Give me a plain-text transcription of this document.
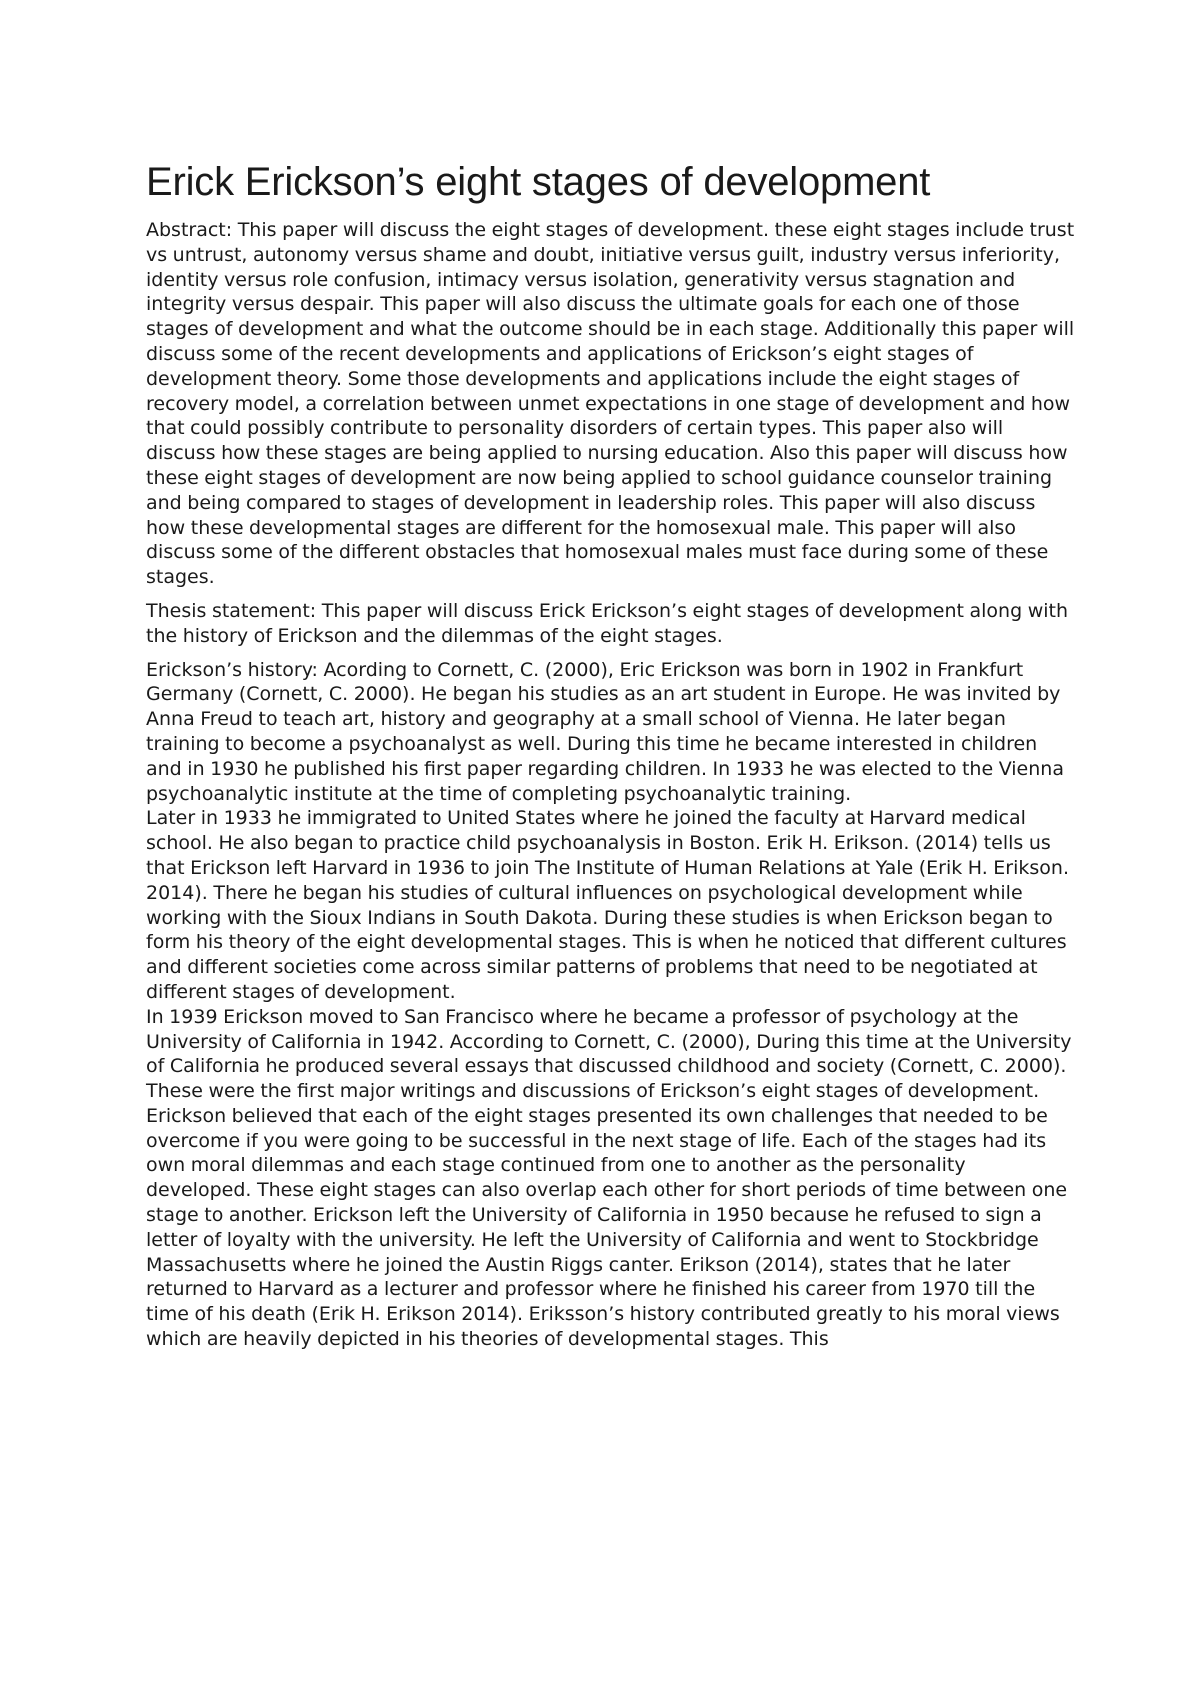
Erick Erickson’s eight stages of development

Abstract: This paper will discuss the eight stages of development. these eight stages include trust vs untrust, autonomy versus shame and doubt, initiative versus guilt, industry versus inferiority, identity versus role confusion, intimacy versus isolation, generativity versus stagnation and integrity versus despair. This paper will also discuss the ultimate goals for each one of those stages of development and what the outcome should be in each stage. Additionally this paper will discuss some of the recent developments and applications of Erickson’s eight stages of development theory. Some those developments and applications include the eight stages of recovery model, a correlation between unmet expectations in one stage of development and how that could possibly contribute to personality disorders of certain types. This paper also will discuss how these stages are being applied to nursing education. Also this paper will discuss how these eight stages of development are now being applied to school guidance counselor training and being compared to stages of development in leadership roles. This paper will also discuss how these developmental stages are different for the homosexual male. This paper will also discuss some of the different obstacles that homosexual males must face during some of these stages.

Thesis statement: This paper will discuss Erick Erickson’s eight stages of development along with the history of Erickson and the dilemmas of the eight stages.

Erickson’s history: Acording to Cornett, C. (2000), Eric Erickson was born in 1902 in Frankfurt Germany (Cornett, C. 2000). He began his studies as an art student in Europe. He was invited by Anna Freud to teach art, history and geography at a small school of Vienna. He later began training to become a psychoanalyst as well. During this time he became interested in children and in 1930 he published his first paper regarding children. In 1933 he was elected to the Vienna psychoanalytic institute at the time of completing psychoanalytic training.

Later in 1933 he immigrated to United States where he joined the faculty at Harvard medical school. He also began to practice child psychoanalysis in Boston. Erik H. Erikson. (2014) tells us that Erickson left Harvard in 1936 to join The Institute of Human Relations at Yale (Erik H. Erikson. 2014). There he began his studies of cultural influences on psychological development while working with the Sioux Indians in South Dakota. During these studies is when Erickson began to form his theory of the eight developmental stages. This is when he noticed that different cultures and different societies come across similar patterns of problems that need to be negotiated at different stages of development.

In 1939 Erickson moved to San Francisco where he became a professor of psychology at the University of California in 1942. According to Cornett, C. (2000), During this time at the University of California he produced several essays that discussed childhood and society (Cornett, C. 2000). These were the first major writings and discussions of Erickson’s eight stages of development. Erickson believed that each of the eight stages presented its own challenges that needed to be overcome if you were going to be successful in the next stage of life. Each of the stages had its own moral dilemmas and each stage continued from one to another as the personality developed. These eight stages can also overlap each other for short periods of time between one stage to another. Erickson left the University of California in 1950 because he refused to sign a letter of loyalty with the university. He left the University of California and went to Stockbridge Massachusetts where he joined the Austin Riggs canter. Erikson (2014), states that he later returned to Harvard as a lecturer and professor where he finished his career from 1970 till the time of his death (Erik H. Erikson 2014). Eriksson’s history contributed greatly to his moral views which are heavily depicted in his theories of developmental stages. This
